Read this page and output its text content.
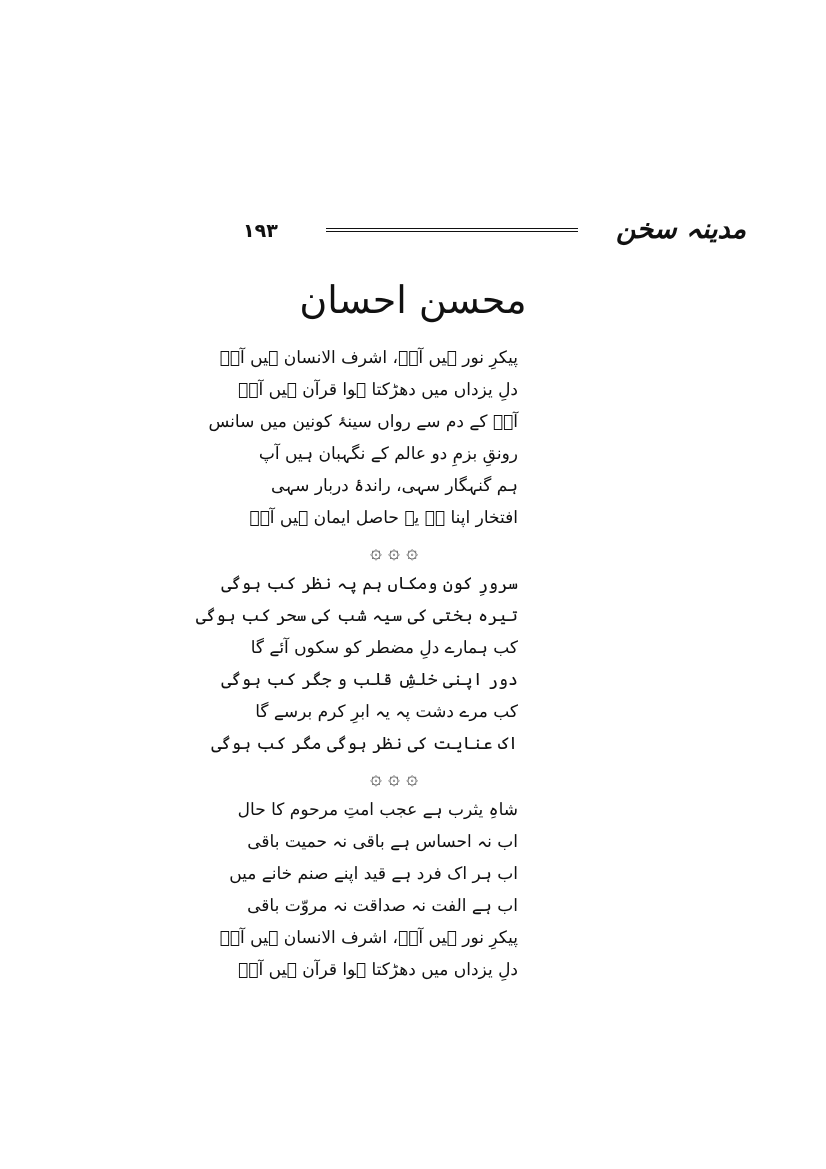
١٩٣	مدینہ سخن
محسن احسان
پیکرِ نور ہیں آپؐ، اشرف الانسان ہیں آپؐ
دلِ یزداں میں دھڑکتا ہوا قرآن ہیں آپؐ
آپؐ کے دم سے رواں سینۂ کونین میں سانس
رونقِ بزمِ دو عالم کے نگہبان ہیں آپ
ہم گنہگار سہی، راندۂ دربار سہی
افتخار اپنا ہے یہ حاصل ایمان ہیں آپؐ
۞ ۞ ۞
سرورِ کون ومکاں ہم پہ نظر کب ہوگی
تیرہ بختی کی سیہ شب کی سحر کب ہوگی
کب ہمارے دلِ مضطر کو سکوں آئے گا
دور اپنی خلشِ قلب و جگر کب ہوگی
کب مرے دشت پہ یہ ابرِ کرم برسے گا
اک عنایت کی نظر ہوگی مگر کب ہوگی
۞ ۞ ۞
شاہِ یثرب ہے عجب امتِ مرحوم کا حال
اب نہ احساس ہے باقی نہ حمیت باقی
اب ہر اک فرد ہے قید اپنے صنم خانے میں
اب ہے الفت نہ صداقت نہ مروّت باقی
پیکرِ نور ہیں آپؐ، اشرف الانسان ہیں آپؐ
دلِ یزداں میں دھڑکتا ہوا قرآن ہیں آپؐ
